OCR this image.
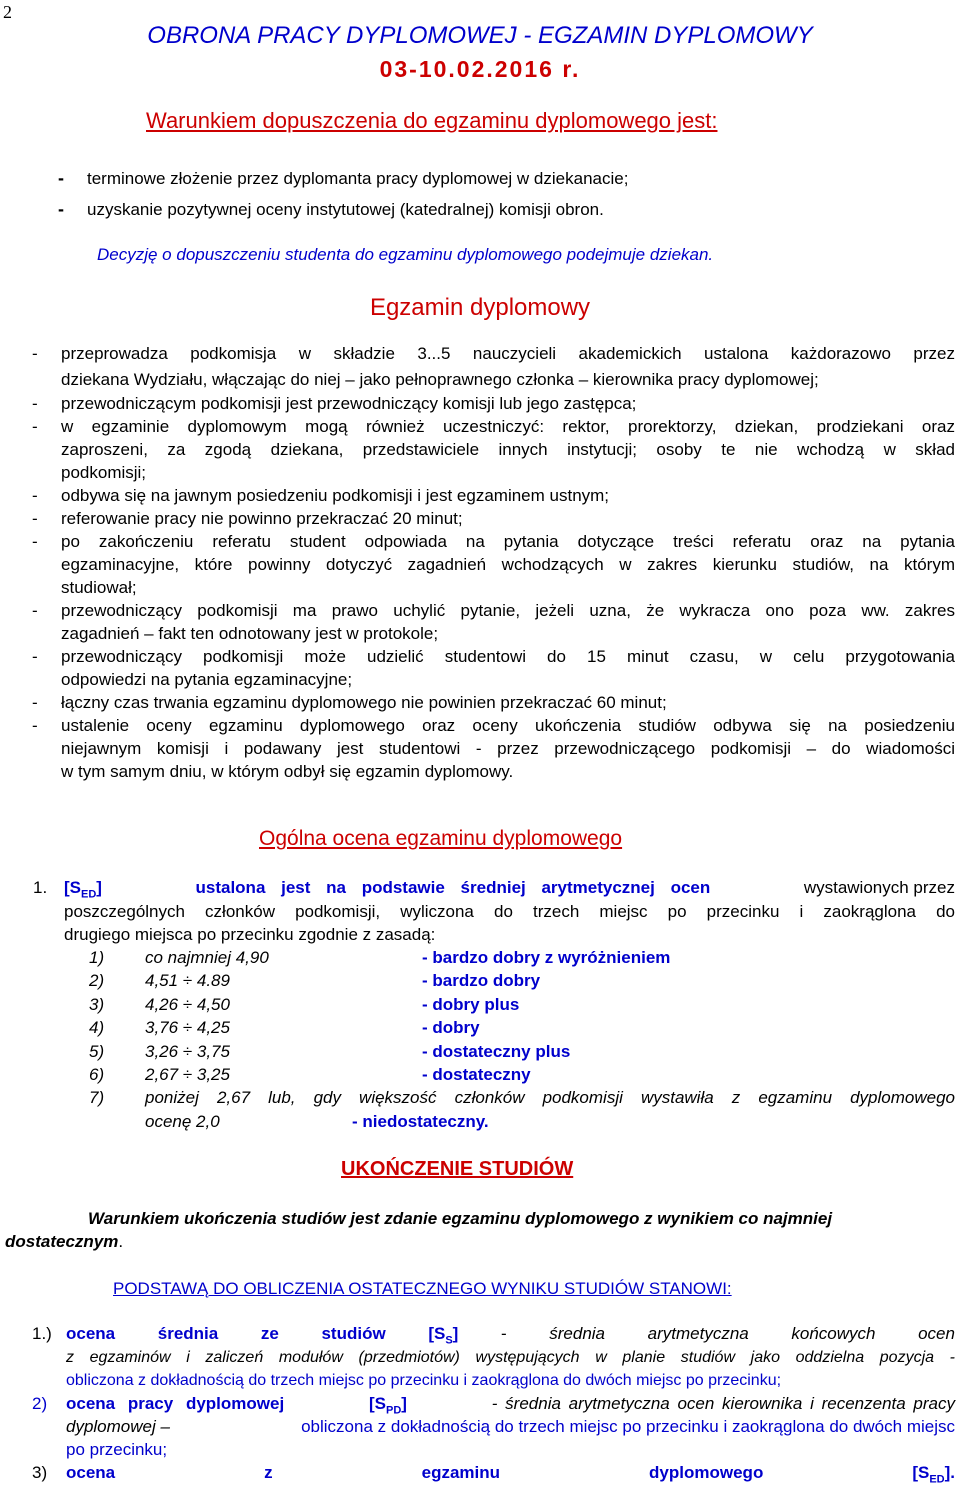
2
OBRONA PRACY DYPLOMOWEJ - EGZAMIN DYPLOMOWY
03-10.02.2016 r.
Warunkiem dopuszczenia do egzaminu dyplomowego jest:
- terminowe złożenie przez dyplomanta pracy dyplomowej w dziekanacie;
- uzyskanie pozytywnej oceny instytutowej (katedralnej) komisji obron.
Decyzję o dopuszczeniu studenta do egzaminu dyplomowego podejmuje dziekan.
Egzamin dyplomowy
- przeprowadza podkomisja w składzie 3...5 nauczycieli akademickich ustalona każdorazowo przez
dziekana Wydziału, włączając do niej – jako pełnoprawnego członka – kierownika pracy dyplomowej;
- przewodniczącym podkomisji jest przewodniczący komisji lub jego zastępca;
- w egzaminie dyplomowym mogą również uczestniczyć: rektor, prorektorzy, dziekan, prodziekani oraz
zaproszeni, za zgodą dziekana, przedstawiciele innych instytucji; osoby te nie wchodzą w skład
podkomisji;
- odbywa się na jawnym posiedzeniu podkomisji i jest egzaminem ustnym;
- referowanie pracy nie powinno przekraczać 20 minut;
- po zakończeniu referatu student odpowiada na pytania dotyczące treści referatu oraz na pytania
egzaminacyjne, które powinny dotyczyć zagadnień wchodzących w zakres kierunku studiów, na którym
studiował;
- przewodniczący podkomisji ma prawo uchylić pytanie, jeżeli uzna, że wykracza ono poza ww. zakres
zagadnień – fakt ten odnotowany jest w protokole;
- przewodniczący podkomisji może udzielić studentowi do 15 minut czasu, w celu przygotowania
odpowiedzi na pytania egzaminacyjne;
- łączny czas trwania egzaminu dyplomowego nie powinien przekraczać 60 minut;
- ustalenie oceny egzaminu dyplomowego oraz oceny ukończenia studiów odbywa się na posiedzeniu
niejawnym komisji i podawany jest studentowi - przez przewodniczącego podkomisji – do wiadomości
w tym samym dniu, w którym odbył się egzamin dyplomowy.
Ogólna ocena egzaminu dyplomowego
1. $[S_{ED}]$	ustalona jest na podstawie średniej arytmetycznej ocen	wystawionych przez
poszczególnych członków podkomisji, wyliczona do trzech miejsc po przecinku i zaokrąglona do
drugiego miejsca po przecinku zgodnie z zasadą:
1) co najmniej 4,90	- bardzo dobry z wyróżnieniem
2) 4,51 ÷ 4.89	- bardzo dobry
3) 4,26 ÷ 4,50	- dobry plus
4) 3,76 ÷ 4,25	- dobry
5) 3,26 ÷ 3,75	- dostateczny plus
6) 2,67 ÷ 3,25	- dostateczny
7) poniżej 2,67 lub, gdy większość członków podkomisji wystawiła z egzaminu dyplomowego
ocenę 2,0	- niedostateczny.
UKOŃCZENIE STUDIÓW
Warunkiem ukończenia studiów jest zdanie egzaminu dyplomowego z wynikiem co najmniej
dostatecznym.
PODSTAWĄ DO OBLICZENIA OSTATECZNEGO WYNIKU STUDIÓW STANOWI:
1.) ocena	średnia	ze	studiów	$[S_S]$	-	średnia	arytmetyczna	końcowych	ocen
z egzaminów i zaliczeń modułów (przedmiotów) występujących w planie studiów jako oddzielna pozycja -
obliczona z dokładnością do trzech miejsc po przecinku i zaokrąglona do dwóch miejsc po przecinku;
2) ocena pracy dyplomowej	$[S_{PD}]$	- średnia arytmetyczna ocen kierownika i recenzenta pracy
dyplomowej –	obliczona z dokładnością do trzech miejsc po przecinku i zaokrąglona do dwóch miejsc
po przecinku;
3) ocena	z	egzaminu	dyplomowego	$[S_{ED}]$.
